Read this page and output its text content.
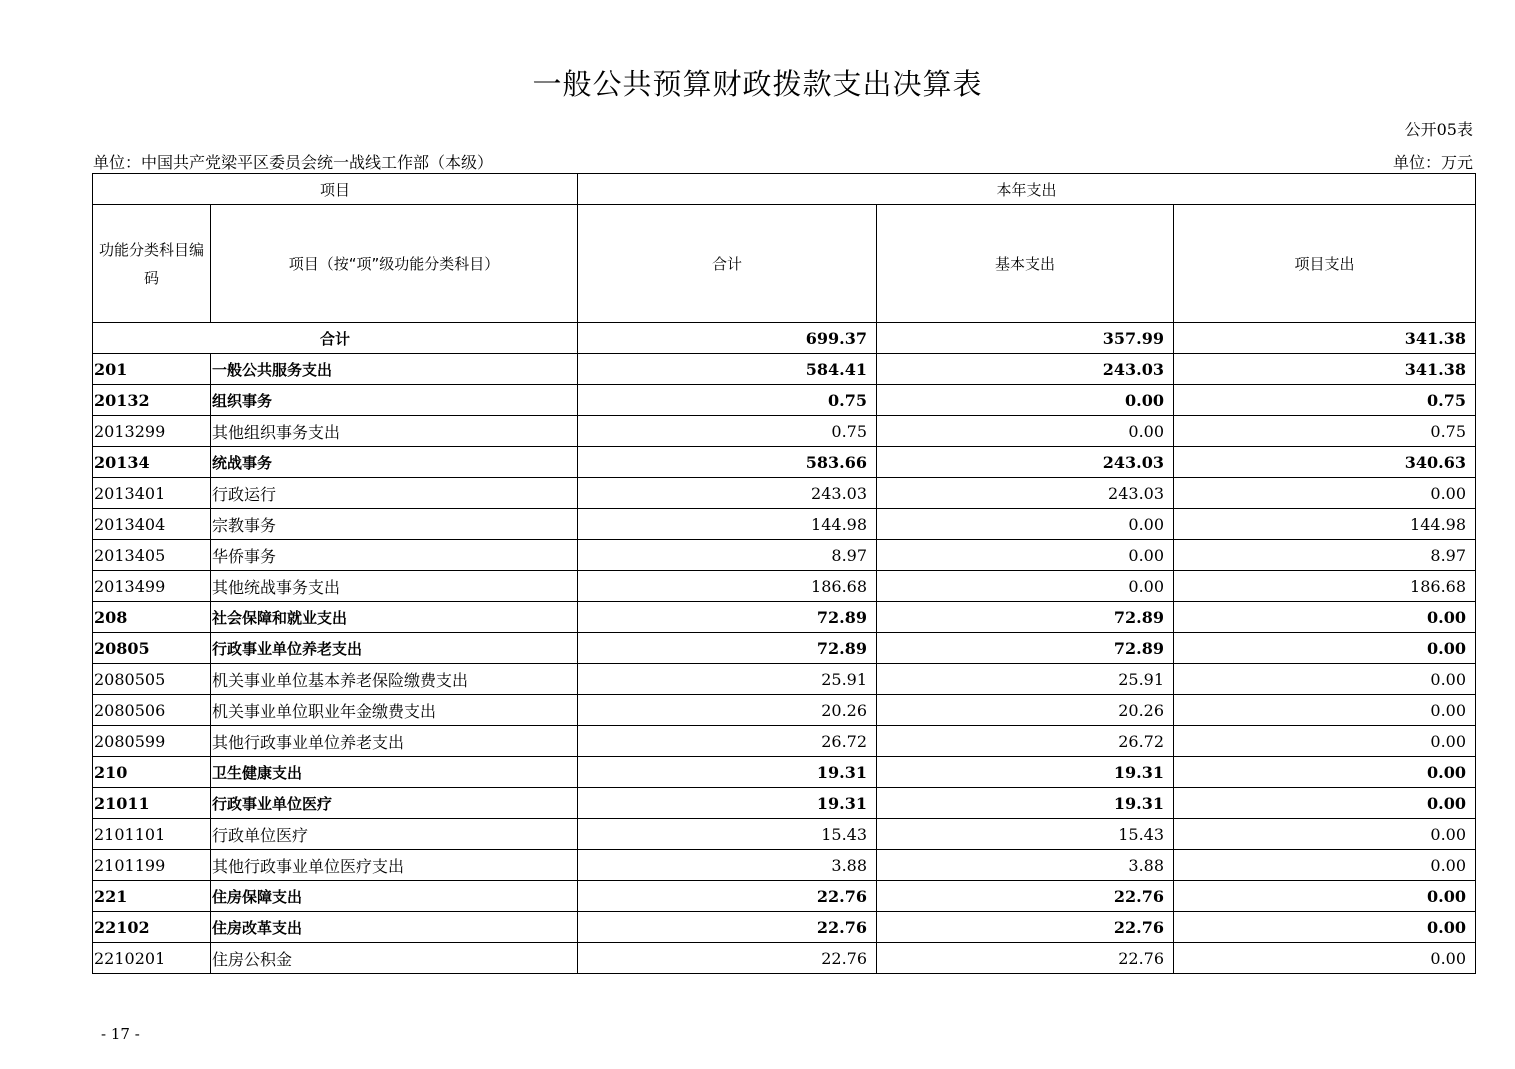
一般公共预算财政拨款支出决算表
公开05表
单位：中国共产党梁平区委员会统一战线工作部（本级）	单位：万元
项目		本年支出		
功能分类科目编码	项目（按“项”级功能分类科目）	合计	基本支出	项目支出
合计		699.37	357.99	341.38
201	一般公共服务支出	584.41	243.03	341.38
20132	组织事务	0.75	0.00	0.75
2013299	其他组织事务支出	0.75	0.00	0.75
20134	统战事务	583.66	243.03	340.63
2013401	行政运行	243.03	243.03	0.00
2013404	宗教事务	144.98	0.00	144.98
2013405	华侨事务	8.97	0.00	8.97
2013499	其他统战事务支出	186.68	0.00	186.68
208	社会保障和就业支出	72.89	72.89	0.00
20805	行政事业单位养老支出	72.89	72.89	0.00
2080505	机关事业单位基本养老保险缴费支出	25.91	25.91	0.00
2080506	机关事业单位职业年金缴费支出	20.26	20.26	0.00
2080599	其他行政事业单位养老支出	26.72	26.72	0.00
210	卫生健康支出	19.31	19.31	0.00
21011	行政事业单位医疗	19.31	19.31	0.00
2101101	行政单位医疗	15.43	15.43	0.00
2101199	其他行政事业单位医疗支出	3.88	3.88	0.00
221	住房保障支出	22.76	22.76	0.00
22102	住房改革支出	22.76	22.76	0.00
2210201	住房公积金	22.76	22.76	0.00
- 17 -
